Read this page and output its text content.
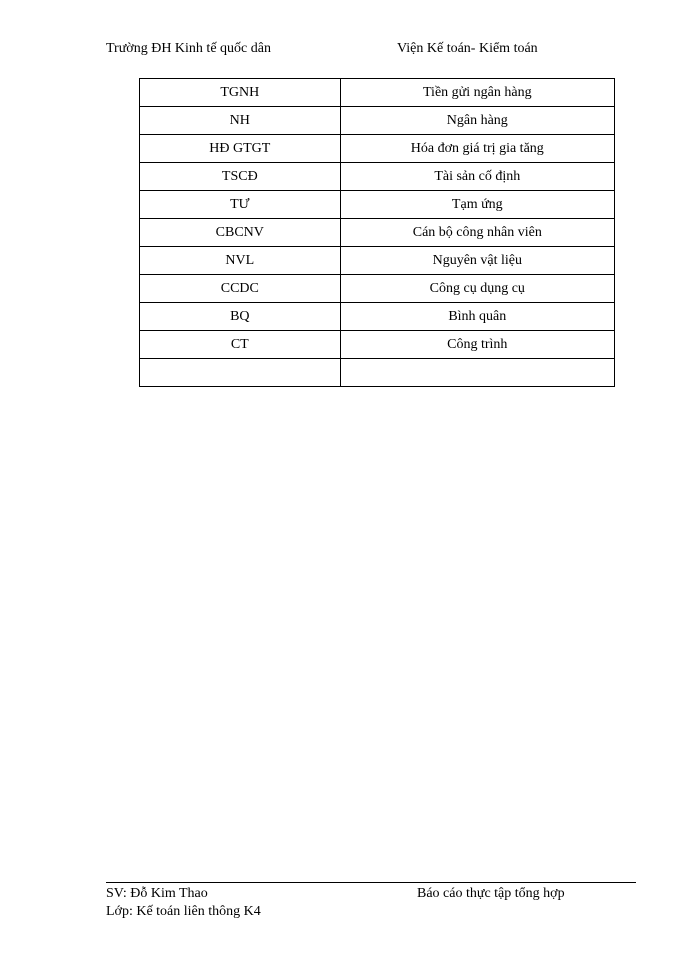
Trường ĐH Kinh tế quốc dân	Viện Kế toán- Kiểm toán
TGNH	Tiền gửi ngân hàng
NH	Ngân hàng
HĐ GTGT	Hóa đơn giá trị gia tăng
TSCĐ	Tài sản cố định
TƯ	Tạm ứng
CBCNV	Cán bộ công nhân viên
NVL	Nguyên vật liệu
CCDC	Công cụ dụng cụ
BQ	Bình quân
CT	Công trình

SV: Đỗ Kim Thao
Lớp: Kế toán liên thông K4
Báo cáo thực tập tổng hợp
